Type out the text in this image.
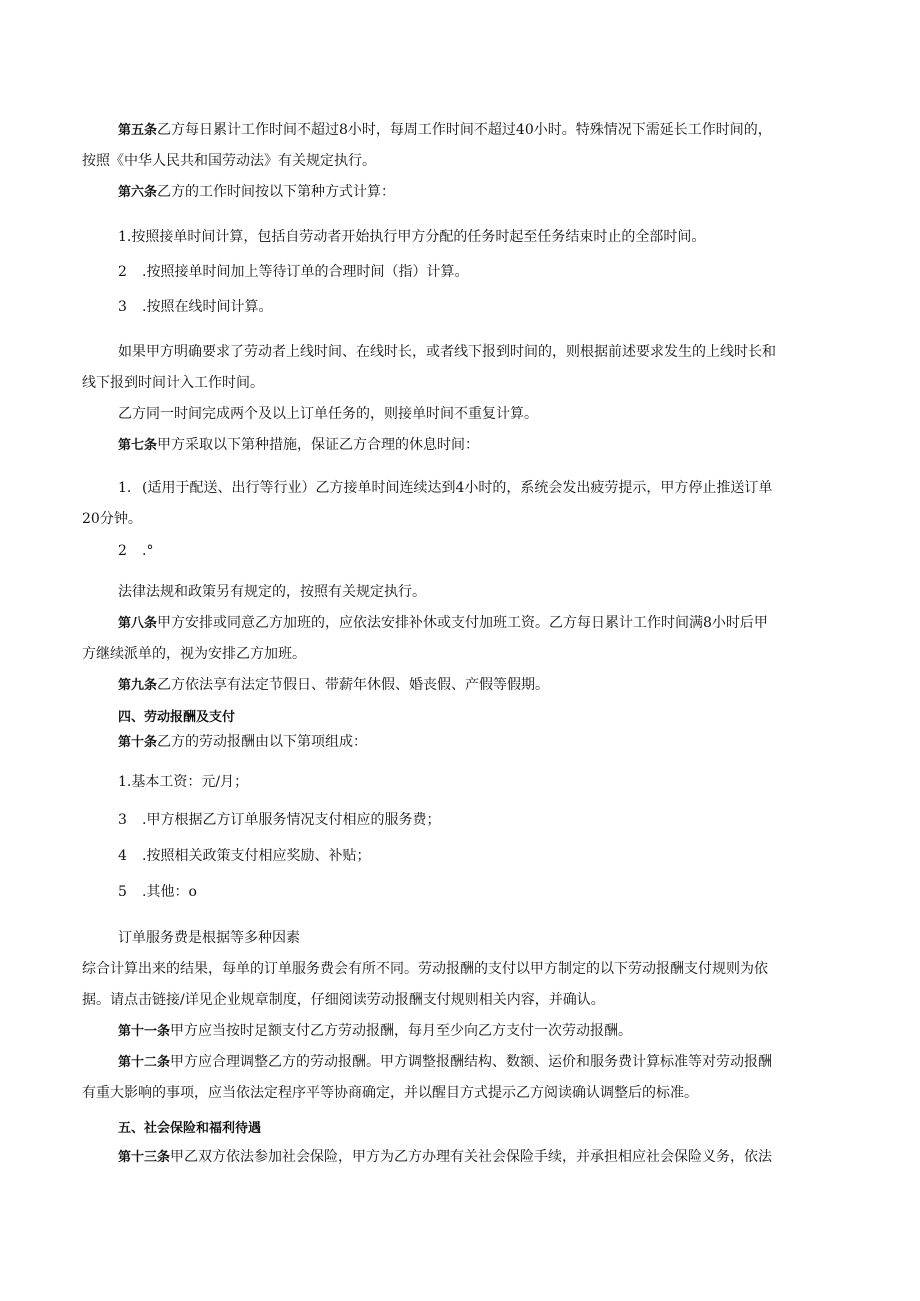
第五条乙方每日累计工作时间不超过8小时，每周工作时间不超过40小时。特殊情况下需延长工作时间的，

按照《中华人民共和国劳动法》有关规定执行。

第六条乙方的工作时间按以下第种方式计算：

1.按照接单时间计算，包括自劳动者开始执行甲方分配的任务时起至任务结束时止的全部时间。

2 .按照接单时间加上等待订单的合理时间（指）计算。

3 .按照在线时间计算。

如果甲方明确要求了劳动者上线时间、在线时长，或者线下报到时间的，则根据前述要求发生的上线时长和

线下报到时间计入工作时间。

乙方同一时间完成两个及以上订单任务的，则接单时间不重复计算。

第七条甲方采取以下第种措施，保证乙方合理的休息时间：

1. (适用于配送、出行等行业）乙方接单时间连续达到4小时的，系统会发出疲劳提示，甲方停止推送订单

20分钟。

2 .°

法律法规和政策另有规定的，按照有关规定执行。

第八条甲方安排或同意乙方加班的，应依法安排补休或支付加班工资。乙方每日累计工作时间满8小时后甲

方继续派单的，视为安排乙方加班。

第九条乙方依法享有法定节假日、带薪年休假、婚丧假、产假等假期。

四、劳动报酬及支付

第十条乙方的劳动报酬由以下第项组成：

1.基本工资：元/月；

3 .甲方根据乙方订单服务情况支付相应的服务费；

4 .按照相关政策支付相应奖励、补贴；

5 .其他：o

订单服务费是根据等多种因素

综合计算出来的结果，每单的订单服务费会有所不同。劳动报酬的支付以甲方制定的以下劳动报酬支付规则为依

据。请点击链接/详见企业规章制度，仔细阅读劳动报酬支付规则相关内容，并确认。

第十一条甲方应当按时足额支付乙方劳动报酬，每月至少向乙方支付一次劳动报酬。

第十二条甲方应合理调整乙方的劳动报酬。甲方调整报酬结构、数额、运价和服务费计算标准等对劳动报酬

有重大影响的事项，应当依法定程序平等协商确定，并以醒目方式提示乙方阅读确认调整后的标准。

五、社会保险和福利待遇

第十三条甲乙双方依法参加社会保险，甲方为乙方办理有关社会保险手续，并承担相应社会保险义务，依法
